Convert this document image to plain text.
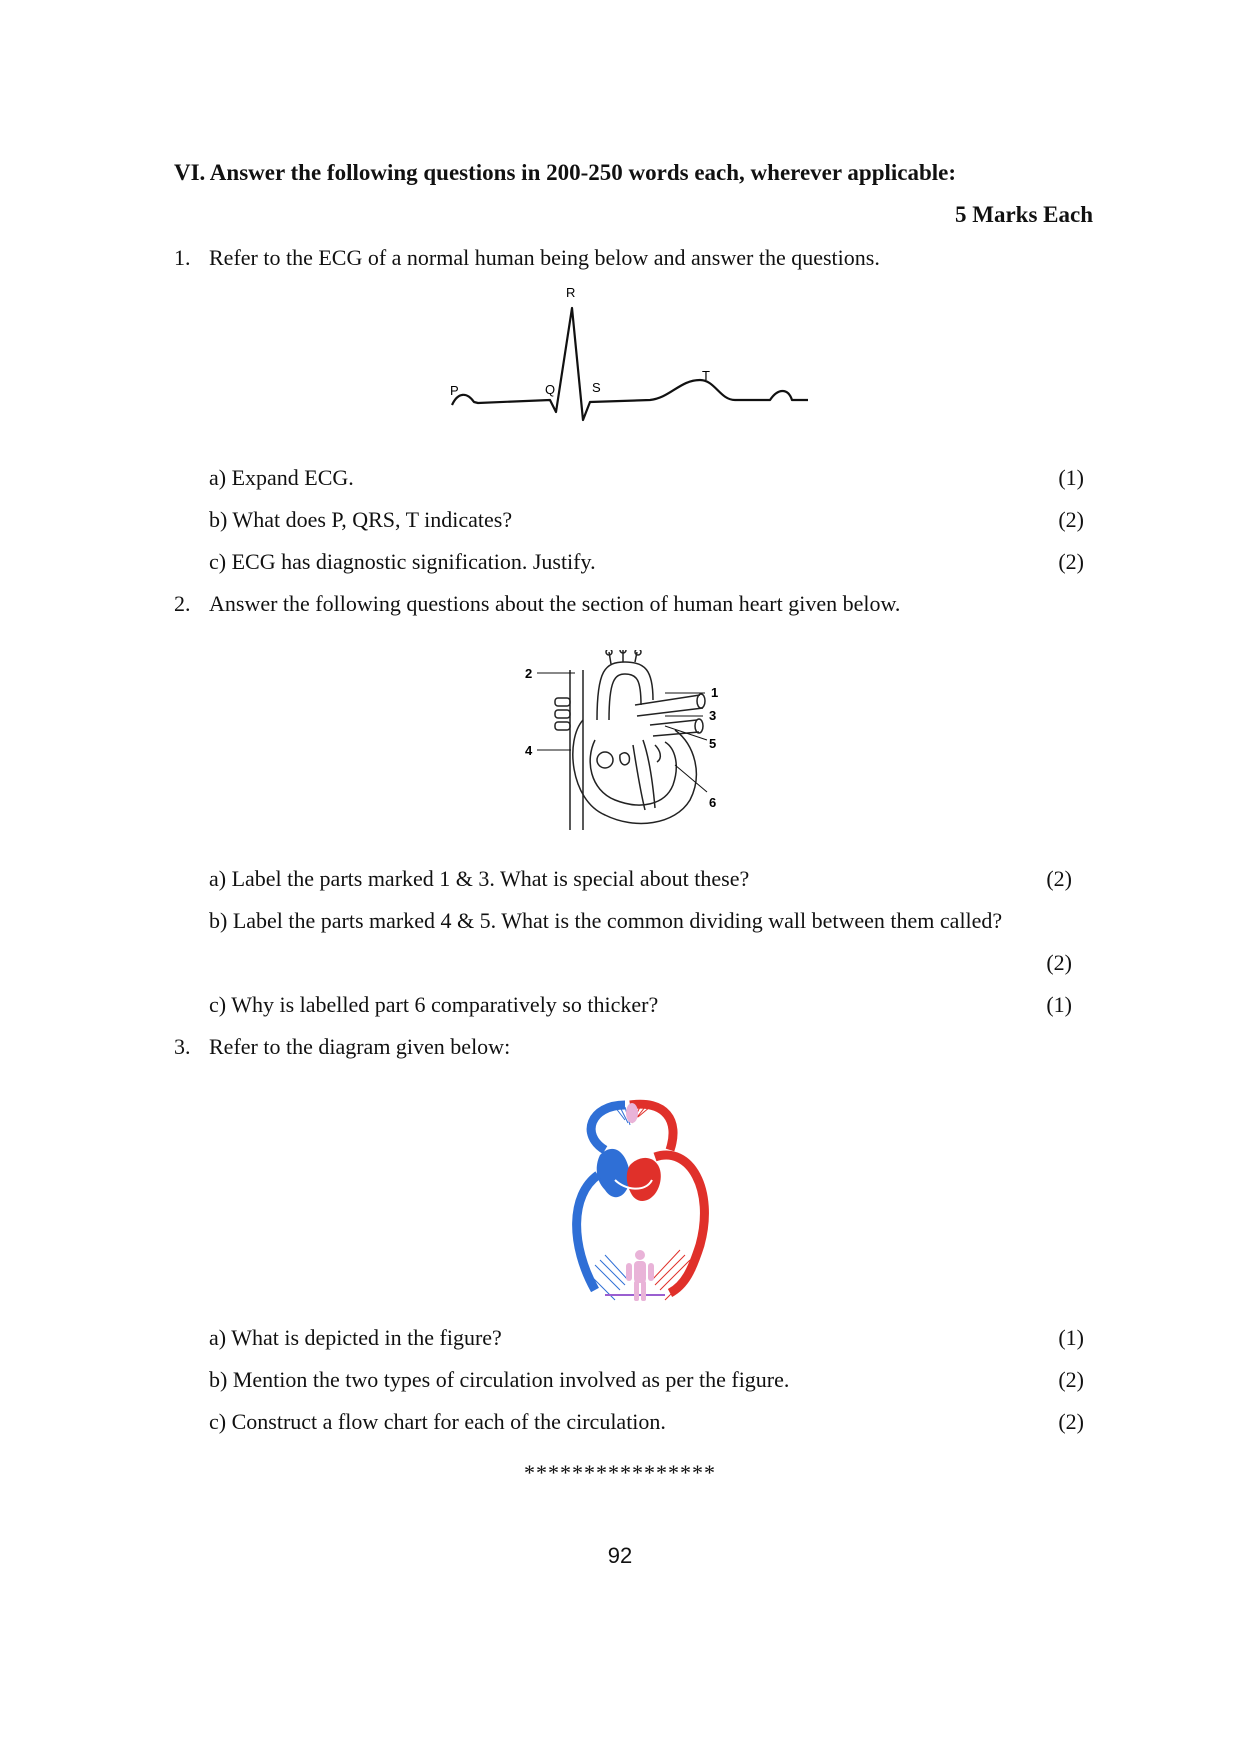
VI. Answer the following questions in 200-250 words each, wherever applicable:
5 Marks Each
1. Refer to the ECG of a normal human being below and answer the questions.
P	Q
R
S
T
a) Expand ECG.	(1)
b) What does P, QRS, T indicates?	(2)
c) ECG has diagnostic signification. Justify.	(2)
2. Answer the following questions about the section of human heart given below.
2
1
3
5
4
6
a) Label the parts marked 1 & 3. What is special about these?	(2)
b) Label the parts marked 4 & 5. What is the common dividing wall between them called?
(2)
c) Why is labelled part 6 comparatively so thicker?	(1)
3. Refer to the diagram given below:
a) What is depicted in the figure?	(1)
b) Mention the two types of circulation involved as per the figure.	(2)
c) Construct a flow chart for each of the circulation.	(2)
****************
92
